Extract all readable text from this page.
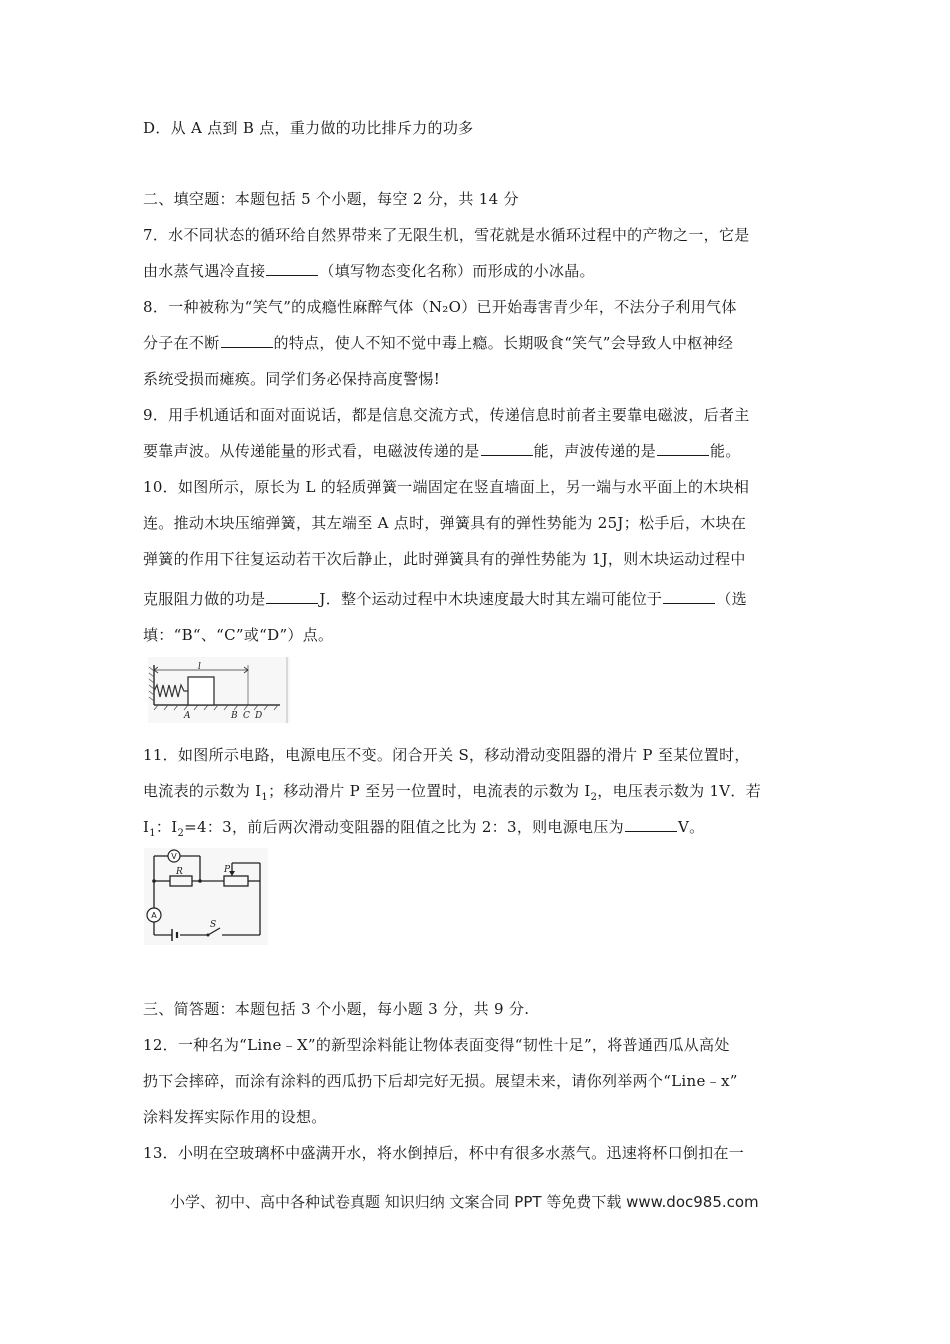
D．从 A 点到 B 点，重力做的功比排斥力的功多
二、填空题：本题包括 5 个小题，每空 2 分，共 14 分
7．水不同状态的循环给自然界带来了无限生机，雪花就是水循环过程中的产物之一，它是
由水蒸气遇冷直接	（填写物态变化名称）而形成的小冰晶。
8．一种被称为“笑气”的成瘾性麻醉气体（N₂O）已开始毒害青少年，不法分子利用气体
分子在不断	的特点，使人不知不觉中毒上瘾。长期吸食“笑气”会导致人中枢神经
系统受损而瘫痪。同学们务必保持高度警惕!
9．用手机通话和面对面说话，都是信息交流方式，传递信息时前者主要靠电磁波，后者主
要靠声波。从传递能量的形式看，电磁波传递的是	能，声波传递的是	能。
10．如图所示，原长为 L 的轻质弹簧一端固定在竖直墙面上，另一端与水平面上的木块相
连。推动木块压缩弹簧，其左端至 A 点时，弹簧具有的弹性势能为 25J；松手后，木块在
弹簧的作用下往复运动若干次后静止，此时弹簧具有的弹性势能为 1J，则木块运动过程中
克服阻力做的功是	J．整个运动过程中木块速度最大时其左端可能位于	（选
填：“B“、“C”或“D”）点。
l
A	B C D
11．如图所示电路，电源电压不变。闭合开关 S，移动滑动变阻器的滑片 P 至某位置时，
电流表的示数为 $I_1$；移动滑片 P 至另一位置时，电流表的示数为 $I_2$，电压表示数为 1V．若
$I_1$：$I_2=4$：3，前后两次滑动变阻器的阻值之比为 2：3，则电源电压为	V。
V
A
R	P
S
三、简答题：本题包括 3 个小题，每小题 3 分，共 9 分.
12．一种名为“Line﹣X”的新型涂料能让物体表面变得“韧性十足”，将普通西瓜从高处
扔下会摔碎，而涂有涂料的西瓜扔下后却完好无损。展望未来，请你列举两个“Line﹣x”
涂料发挥实际作用的设想。
13．小明在空玻璃杯中盛满开水，将水倒掉后，杯中有很多水蒸气。迅速将杯口倒扣在一
小学、初中、高中各种试卷真题 知识归纳 文案合同 PPT 等免费下载 www.doc985.com
